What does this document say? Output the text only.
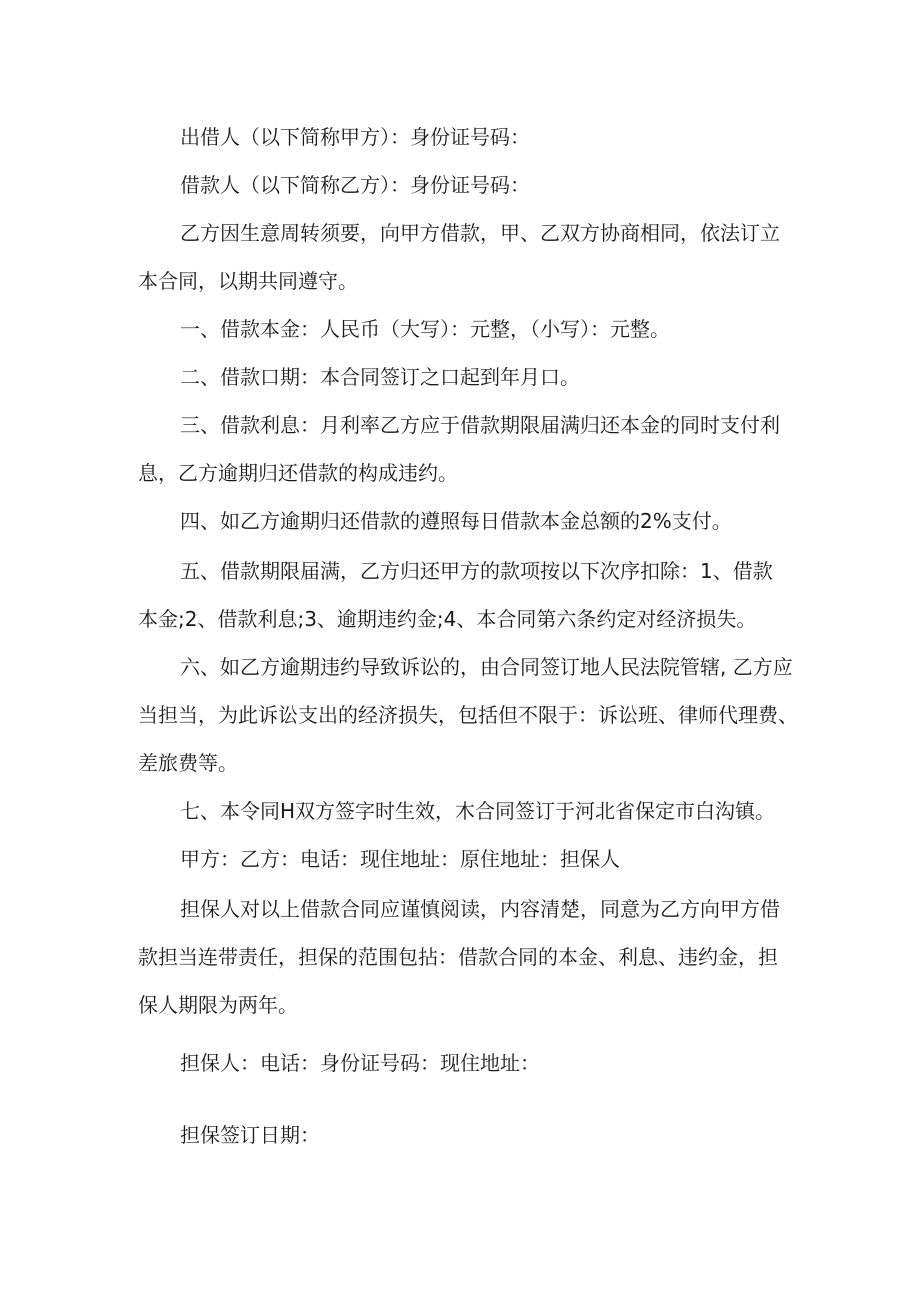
出借人（以下简称甲方）：身份证号码：
借款人（以下简称乙方）：身份证号码：
乙方因生意周转须要，向甲方借款，甲、乙双方协商相同，依法订立
本合同，以期共同遵守。
一、借款本金：人民币（大写）：元整，（小写）：元整。
二、借款口期：本合同签订之口起到年月口。
三、借款利息：月利率乙方应于借款期限届满归还本金的同时支付利
息，乙方逾期归还借款的构成违约。
四、如乙方逾期归还借款的遵照每日借款本金总额的2%支付。
五、借款期限届满，乙方归还甲方的款项按以下次序扣除：1、借款
本金;2、借款利息;3、逾期违约金;4、本合同第六条约定对经济损失。
六、如乙方逾期违约导致诉讼的，由合同签订地人民法院管辖, 乙方应
当担当，为此诉讼支出的经济损失，包括但不限于：诉讼班、律师代理费、
差旅费等。
七、本令同H双方签字时生效，木合同签订于河北省保定市白沟镇。
甲方：乙方：电话：现住地址：原住地址：担保人
担保人对以上借款合同应谨慎阅读，内容清楚，同意为乙方向甲方借
款担当连带责任，担保的范围包拈：借款合同的本金、利息、违约金，担
保人期限为两年。
担保人：电话：身份证号码：现住地址：
担保签订日期：
